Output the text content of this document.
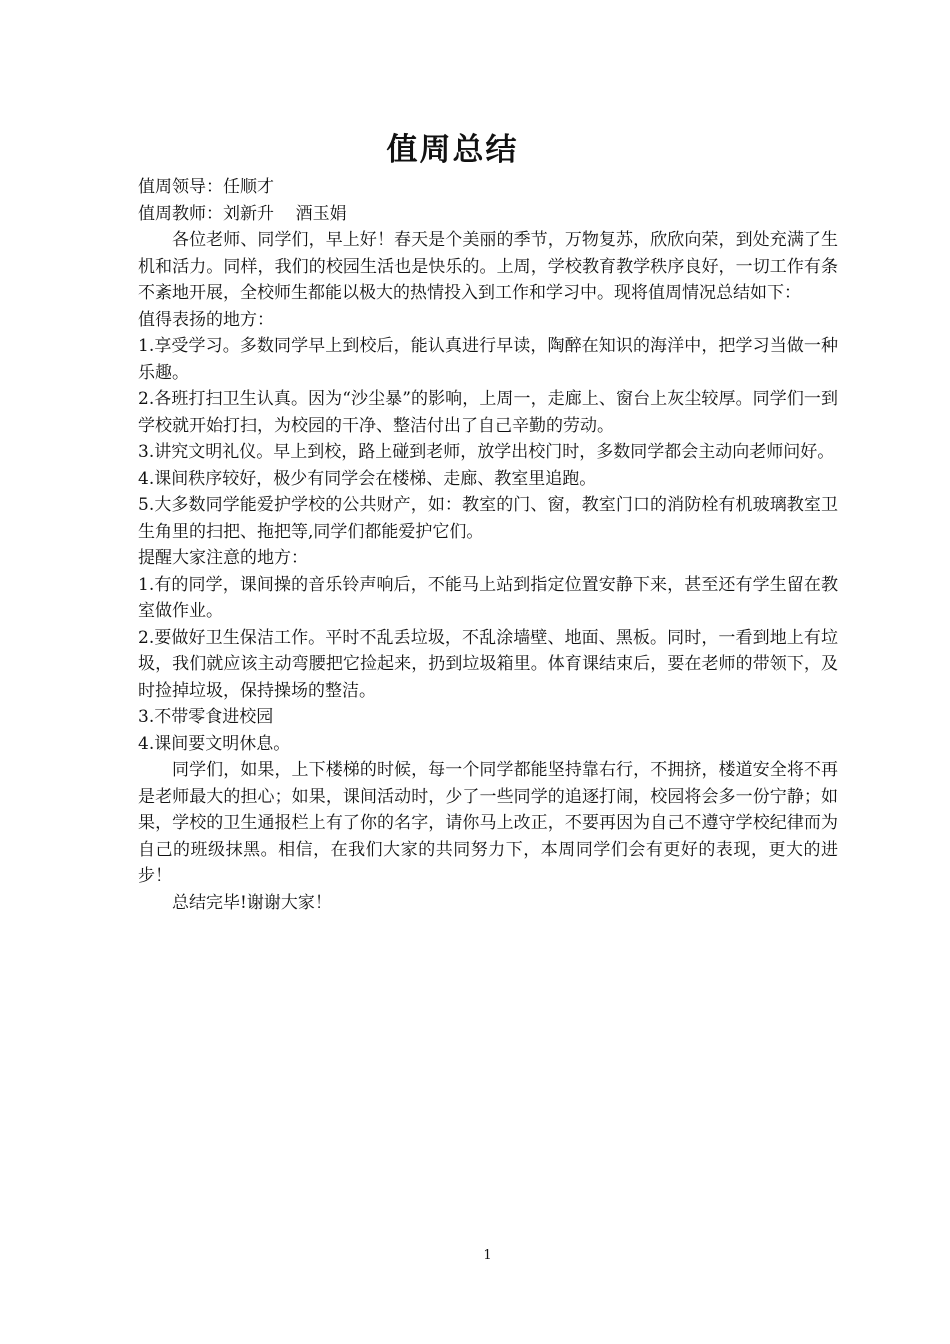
值周总结

值周领导：任顺才

值周教师：刘新升    酒玉娟

各位老师、同学们，早上好！春天是个美丽的季节，万物复苏，欣欣向荣，到处充满了生机和活力。同样，我们的校园生活也是快乐的。上周，学校教育教学秩序良好，一切工作有条不紊地开展，全校师生都能以极大的热情投入到工作和学习中。现将值周情况总结如下：

值得表扬的地方：

1.享受学习。多数同学早上到校后，能认真进行早读，陶醉在知识的海洋中，把学习当做一种乐趣。

2.各班打扫卫生认真。因为“沙尘暴”的影响，上周一，走廊上、窗台上灰尘较厚。同学们一到学校就开始打扫，为校园的干净、整洁付出了自己辛勤的劳动。

3.讲究文明礼仪。早上到校，路上碰到老师，放学出校门时，多数同学都会主动向老师问好。

4.课间秩序较好，极少有同学会在楼梯、走廊、教室里追跑。

5.大多数同学能爱护学校的公共财产，如：教室的门、窗，教室门口的消防栓有机玻璃教室卫生角里的扫把、拖把等,同学们都能爱护它们。

提醒大家注意的地方：

1.有的同学，课间操的音乐铃声响后，不能马上站到指定位置安静下来，甚至还有学生留在教室做作业。

2.要做好卫生保洁工作。平时不乱丢垃圾，不乱涂墙壁、地面、黑板。同时，一看到地上有垃圾，我们就应该主动弯腰把它捡起来，扔到垃圾箱里。体育课结束后，要在老师的带领下，及时捡掉垃圾，保持操场的整洁。

3.不带零食进校园

4.课间要文明休息。

同学们，如果，上下楼梯的时候，每一个同学都能坚持靠右行，不拥挤，楼道安全将不再是老师最大的担心；如果，课间活动时，少了一些同学的追逐打闹，校园将会多一份宁静；如果，学校的卫生通报栏上有了你的名字，请你马上改正，不要再因为自己不遵守学校纪律而为自己的班级抹黑。相信，在我们大家的共同努力下，本周同学们会有更好的表现，更大的进步！

总结完毕!谢谢大家！

1
